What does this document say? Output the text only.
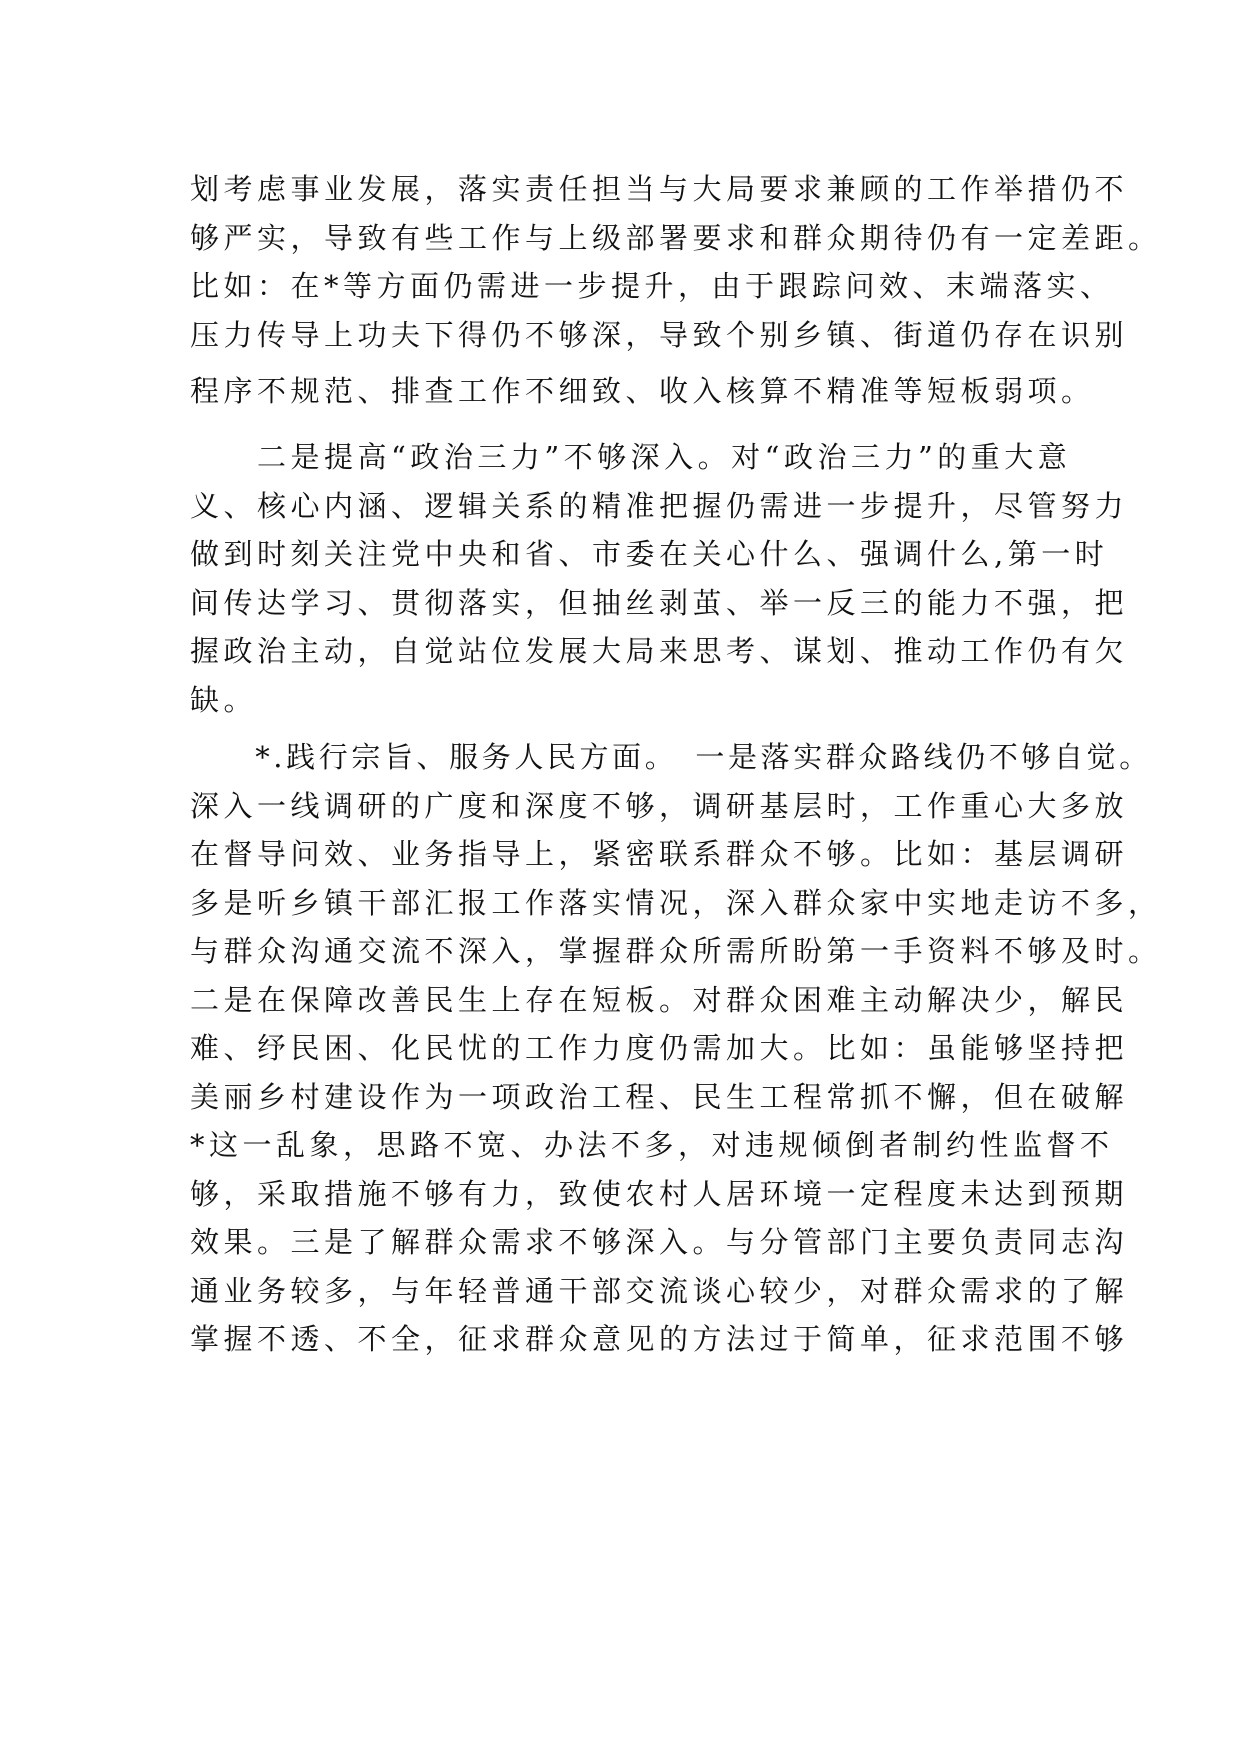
划考虑事业发展，落实责任担当与大局要求兼顾的工作举措仍不
够严实，导致有些工作与上级部署要求和群众期待仍有一定差距。
比如：在*等方面仍需进一步提升，由于跟踪问效、末端落实、
压力传导上功夫下得仍不够深，导致个别乡镇、街道仍存在识别
程序不规范、排查工作不细致、收入核算不精准等短板弱项。
　　二是提高“政治三力”不够深入。对“政治三力”的重大意
义、核心内涵、逻辑关系的精准把握仍需进一步提升，尽管努力
做到时刻关注党中央和省、市委在关心什么、强调什么,第一时
间传达学习、贯彻落实，但抽丝剥茧、举一反三的能力不强，把
握政治主动，自觉站位发展大局来思考、谋划、推动工作仍有欠
缺。
　　*.践行宗旨、服务人民方面。　一是落实群众路线仍不够自觉。
深入一线调研的广度和深度不够，调研基层时，工作重心大多放
在督导问效、业务指导上，紧密联系群众不够。比如：基层调研
多是听乡镇干部汇报工作落实情况，深入群众家中实地走访不多，
与群众沟通交流不深入，掌握群众所需所盼第一手资料不够及时。
二是在保障改善民生上存在短板。对群众困难主动解决少，解民
难、纾民困、化民忧的工作力度仍需加大。比如：虽能够坚持把
美丽乡村建设作为一项政治工程、民生工程常抓不懈，但在破解
*这一乱象，思路不宽、办法不多，对违规倾倒者制约性监督不
够，采取措施不够有力，致使农村人居环境一定程度未达到预期
效果。三是了解群众需求不够深入。与分管部门主要负责同志沟
通业务较多，与年轻普通干部交流谈心较少，对群众需求的了解
掌握不透、不全，征求群众意见的方法过于简单，征求范围不够
